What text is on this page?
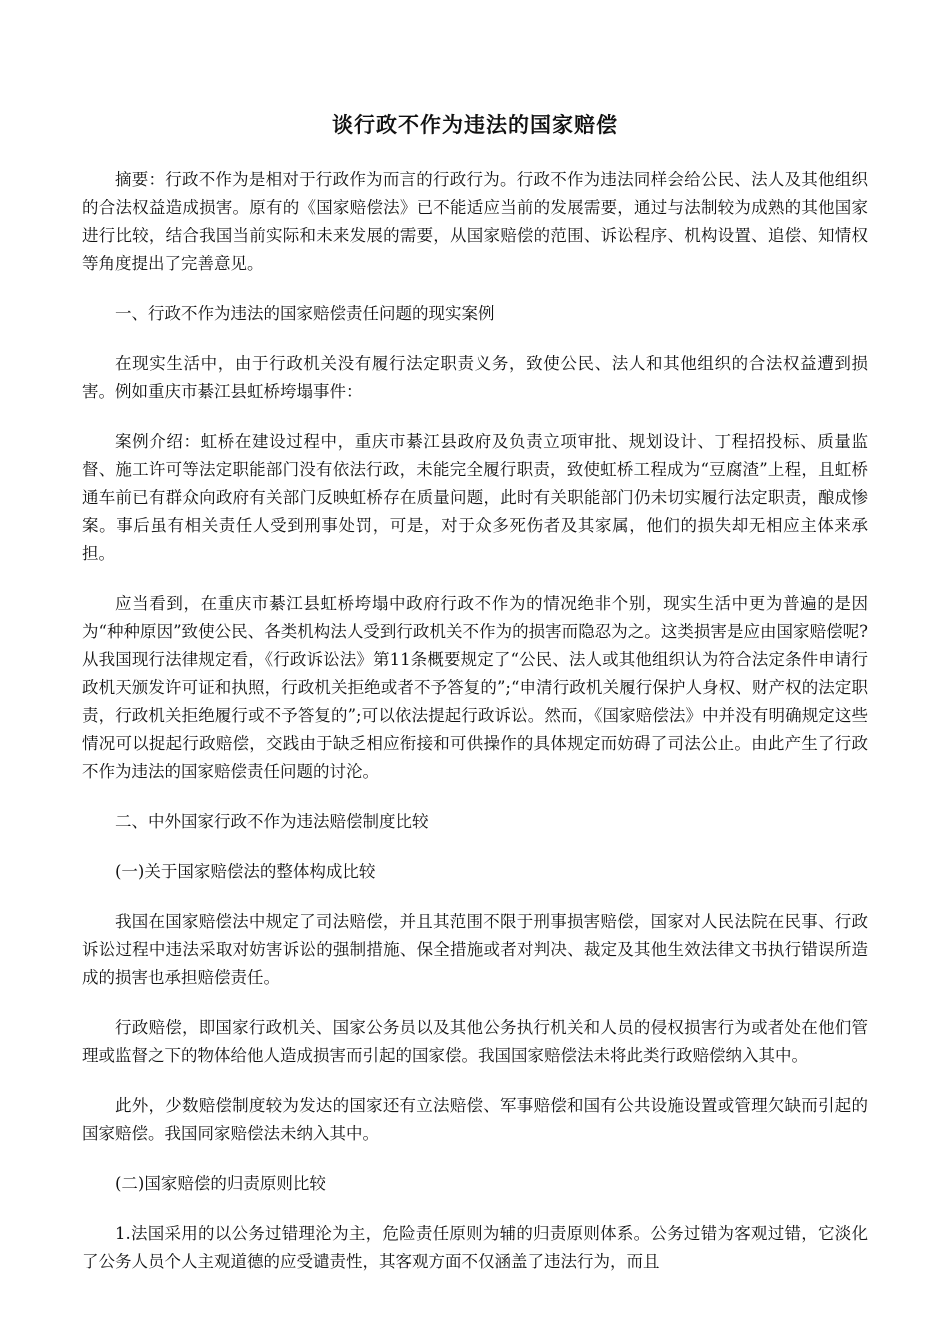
谈行政不作为违法的国家赔偿

摘要：行政不作为是相对于行政作为而言的行政行为。行政不作为违法同样会给公民、法人及其他组织的合法权益造成损害。原有的《国家赔偿法》已不能适应当前的发展需要，通过与法制较为成熟的其他国家进行比较，结合我国当前实际和未来发展的需要，从国家赔偿的范围、诉讼程序、机构设置、追偿、知情权等角度提出了完善意见。

一、行政不作为违法的国家赔偿责任问题的现实案例

在现实生活中，由于行政机关没有履行法定职责义务，致使公民、法人和其他组织的合法权益遭到损害。例如重庆市綦江县虹桥垮塌事件：

案例介绍：虹桥在建设过程中，重庆市綦江县政府及负责立项审批、规划设计、丁程招投标、质量监督、施工许可等法定职能部门没有依法行政，未能完全履行职责，致使虹桥工程成为“豆腐渣”上程，且虹桥通车前已有群众向政府有关部门反映虹桥存在质量问题，此时有关职能部门仍未切实履行法定职责，酿成惨案。事后虽有相关责任人受到刑事处罚，可是，对于众多死伤者及其家属，他们的损失却无相应主体来承担。

应当看到，在重庆市綦江县虹桥垮塌中政府行政不作为的情况绝非个别，现实生活中更为普遍的是因为“种种原因”致使公民、各类机构法人受到行政机关不作为的损害而隐忍为之。这类损害是应由国家赔偿呢?从我国现行法律规定看，《行政诉讼法》第11条概要规定了“公民、法人或其他组织认为符合法定条件申请行政机天颁发许可证和执照，行政机关拒绝或者不予答复的”;“申清行政机关履行保护人身权、财产权的法定职责，行政机关拒绝履行或不予答复的”;可以依法提起行政诉讼。然而，《国家赔偿法》中并没有明确规定这些情况可以捉起行政赔偿，交践由于缺乏相应衔接和可供操作的具体规定而妨碍了司法公止。由此产生了行政不作为违法的国家赔偿责任问题的讨沦。

二、中外国家行政不作为违法赔偿制度比较

(一)关于国家赔偿法的整体构成比较

我国在国家赔偿法中规定了司法赔偿，并且其范围不限于刑事损害赔偿，国家对人民法院在民事、行政诉讼过程中违法采取对妨害诉讼的强制措施、保全措施或者对判决、裁定及其他生效法律文书执行错误所造成的损害也承担赔偿责任。

行政赔偿，即国家行政机关、国家公务员以及其他公务执行机关和人员的侵权损害行为或者处在他们管理或监督之下的物体给他人造成损害而引起的国家偿。我国国家赔偿法未将此类行政赔偿纳入其中。

此外，少数赔偿制度较为发达的国家还有立法赔偿、军事赔偿和国有公共设施设置或管理欠缺而引起的国家赔偿。我国同家赔偿法未纳入其中。

(二)国家赔偿的归责原则比较

1.法国采用的以公务过错理沦为主，危险责任原则为辅的归责原则体系。公务过错为客观过错，它淡化了公务人员个人主观道德的应受谴责性，其客观方面不仅涵盖了违法行为，而且
